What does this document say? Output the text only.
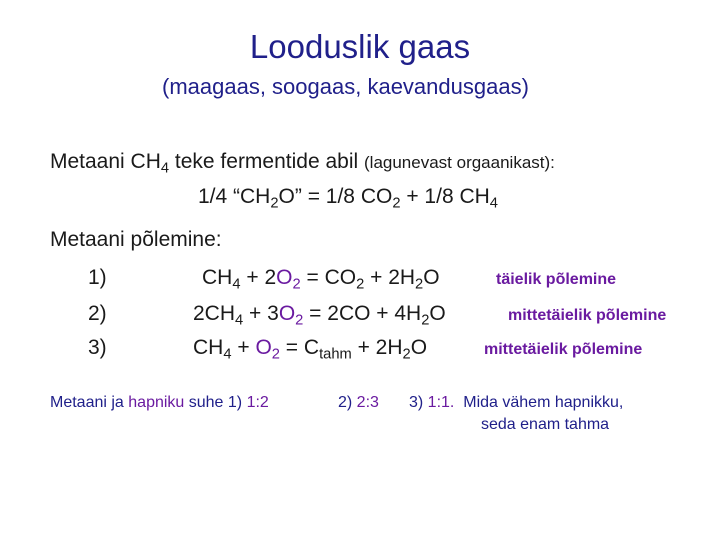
Looduslik gaas
(maagaas, soogaas, kaevandusgaas)
Metaani $CH_4$ teke fermentide abil (lagunevast orgaanikast):
1/4 “$CH_2O$” = 1/8 $CO_2 + 1/8$ $CH_4$
Metaani põlemine:
1)	$CH_4 + 2O_2 = CO_2 + 2H_2O$	täielik põlemine
2)	$2CH_4 + 3O_2 = 2CO + 4H_2O$	mittetäielik põlemine
3)	$CH_4 + O_2 = C_{tahm} + 2H_2O$	mittetäielik põlemine
Metaani ja hapniku suhe 1) 1:2	2) 2:3 3) 1:1.  Mida vähem hapnikku,
seda enam tahma
